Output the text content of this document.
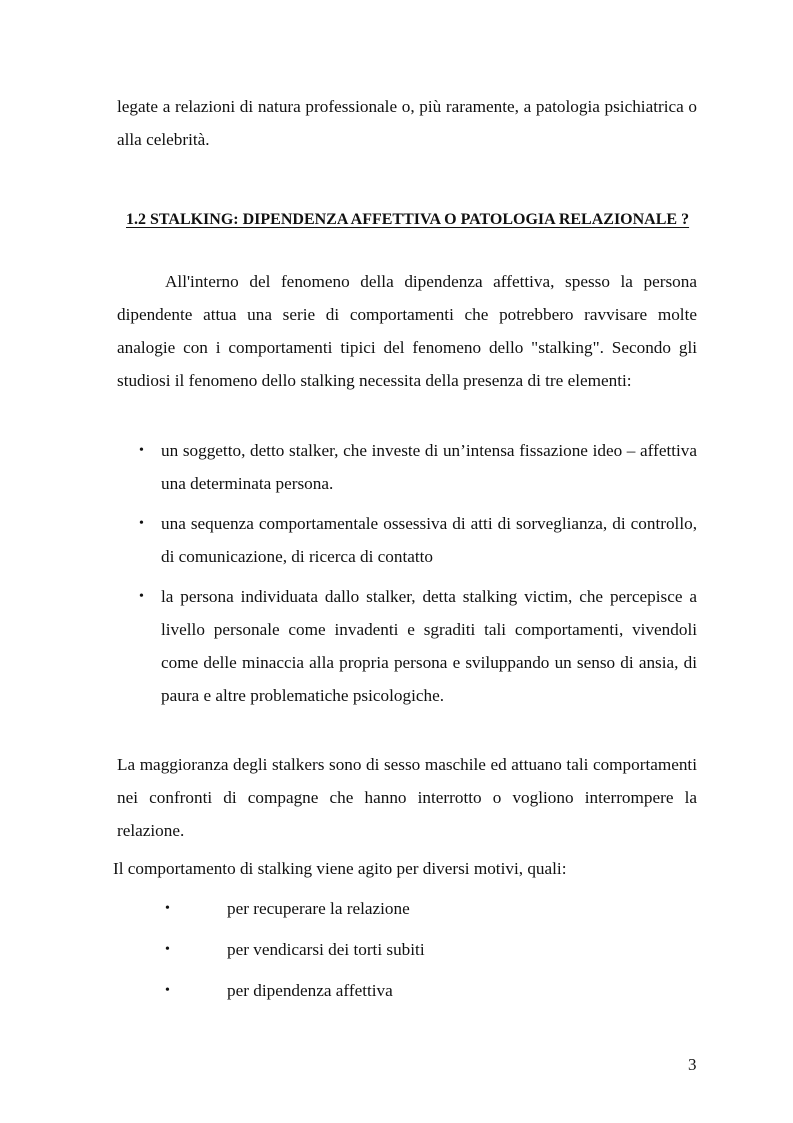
legate a relazioni di natura professionale o, più raramente, a patologia psichiatrica o alla celebrità.

1.2 STALKING: DIPENDENZA AFFETTIVA O PATOLOGIA RELAZIONALE ?

All'interno del fenomeno della dipendenza affettiva, spesso la persona dipendente attua una serie di comportamenti che potrebbero ravvisare molte analogie con i comportamenti tipici del fenomeno dello "stalking". Secondo gli studiosi il fenomeno dello stalking necessita della presenza di tre elementi:

• un soggetto, detto stalker, che investe di un’intensa fissazione ideo – affettiva una determinata persona.
• una sequenza comportamentale ossessiva di atti di sorveglianza, di controllo, di comunicazione, di ricerca di contatto
• la persona individuata dallo stalker, detta stalking victim, che percepisce a livello personale come invadenti e sgraditi tali comportamenti, vivendoli come delle minaccia alla propria persona e sviluppando un senso di ansia, di paura e altre problematiche psicologiche.

La maggioranza degli stalkers sono di sesso maschile ed attuano tali comportamenti nei confronti di compagne che hanno interrotto o vogliono interrompere la relazione.

Il comportamento di stalking viene agito per diversi motivi, quali:

•	per recuperare la relazione
•	per vendicarsi dei torti subiti
•	per dipendenza affettiva
3
